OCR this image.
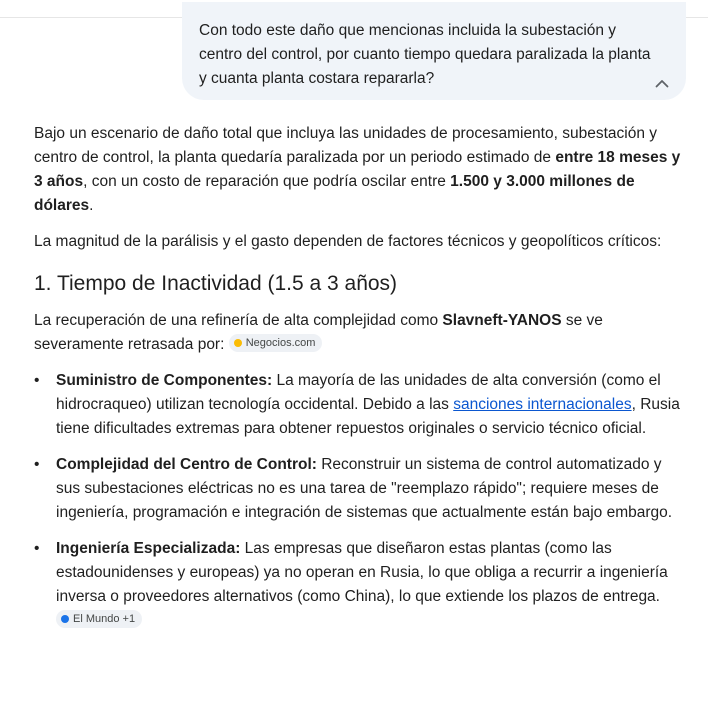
Con todo este daño que mencionas incluida la subestación y centro del control, por cuanto tiempo quedara paralizada la planta y cuanta planta costara repararla?

Bajo un escenario de daño total que incluya las unidades de procesamiento, subestación y centro de control, la planta quedaría paralizada por un periodo estimado de entre 18 meses y 3 años, con un costo de reparación que podría oscilar entre 1.500 y 3.000 millones de dólares.

La magnitud de la parálisis y el gasto dependen de factores técnicos y geopolíticos críticos:

1. Tiempo de Inactividad (1.5 a 3 años)

La recuperación de una refinería de alta complejidad como Slavneft-YANOS se ve severamente retrasada por: Negocios.com

•	Suministro de Componentes: La mayoría de las unidades de alta conversión (como el hidrocraqueo) utilizan tecnología occidental. Debido a las sanciones internacionales, Rusia tiene dificultades extremas para obtener repuestos originales o servicio técnico oficial.
•	Complejidad del Centro de Control: Reconstruir un sistema de control automatizado y sus subestaciones eléctricas no es una tarea de "reemplazo rápido"; requiere meses de ingeniería, programación e integración de sistemas que actualmente están bajo embargo.
•	Ingeniería Especializada: Las empresas que diseñaron estas plantas (como las estadounidenses y europeas) ya no operan en Rusia, lo que obliga a recurrir a ingeniería inversa o proveedores alternativos (como China), lo que extiende los plazos de entrega.
El Mundo +1
